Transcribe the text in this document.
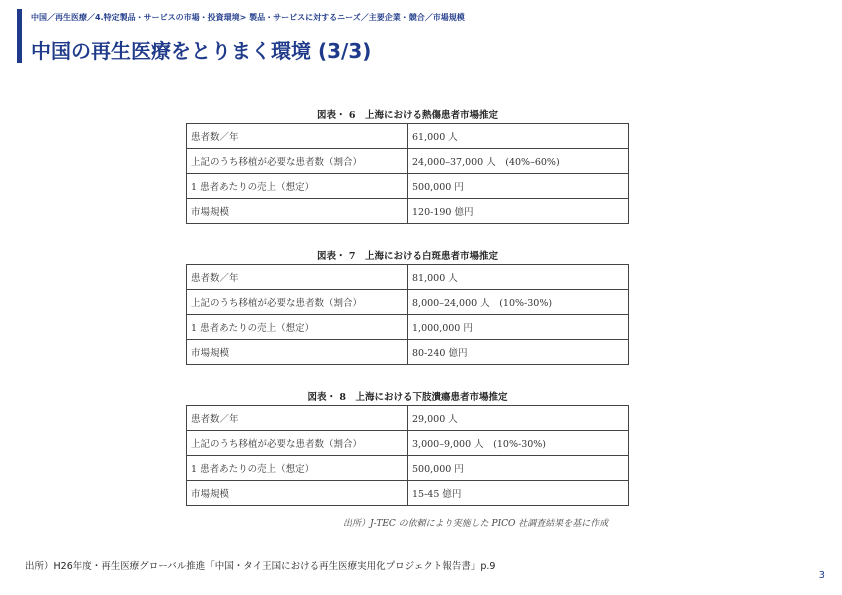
中国／再生医療／4.特定製品・サービスの市場・投資環境> 製品・サービスに対するニーズ／主要企業・競合／市場規模
中国の再生医療をとりまく環境 (3/3)
図表・ 6　上海における熱傷患者市場推定
患者数／年	61,000 人
上記のうち移植が必要な患者数（割合）	24,000–37,000 人　(40%–60%)
1 患者あたりの売上（想定）	500,000 円
市場規模	120-190 億円
図表・ 7　上海における白斑患者市場推定
患者数／年	81,000 人
上記のうち移植が必要な患者数（割合）	8,000–24,000 人　(10%-30%)
1 患者あたりの売上（想定）	1,000,000 円
市場規模	80-240 億円
図表・ 8　上海における下肢潰瘍患者市場推定
患者数／年	29,000 人
上記のうち移植が必要な患者数（割合）	3,000–9,000 人　(10%-30%)
1 患者あたりの売上（想定）	500,000 円
市場規模	15-45 億円
出所）J-TEC の依頼により実施した PICO 社調査結果を基に作成
出所）H26年度・再生医療グローバル推進「中国・タイ王国における再生医療実用化プロジェクト報告書」p.9
3
